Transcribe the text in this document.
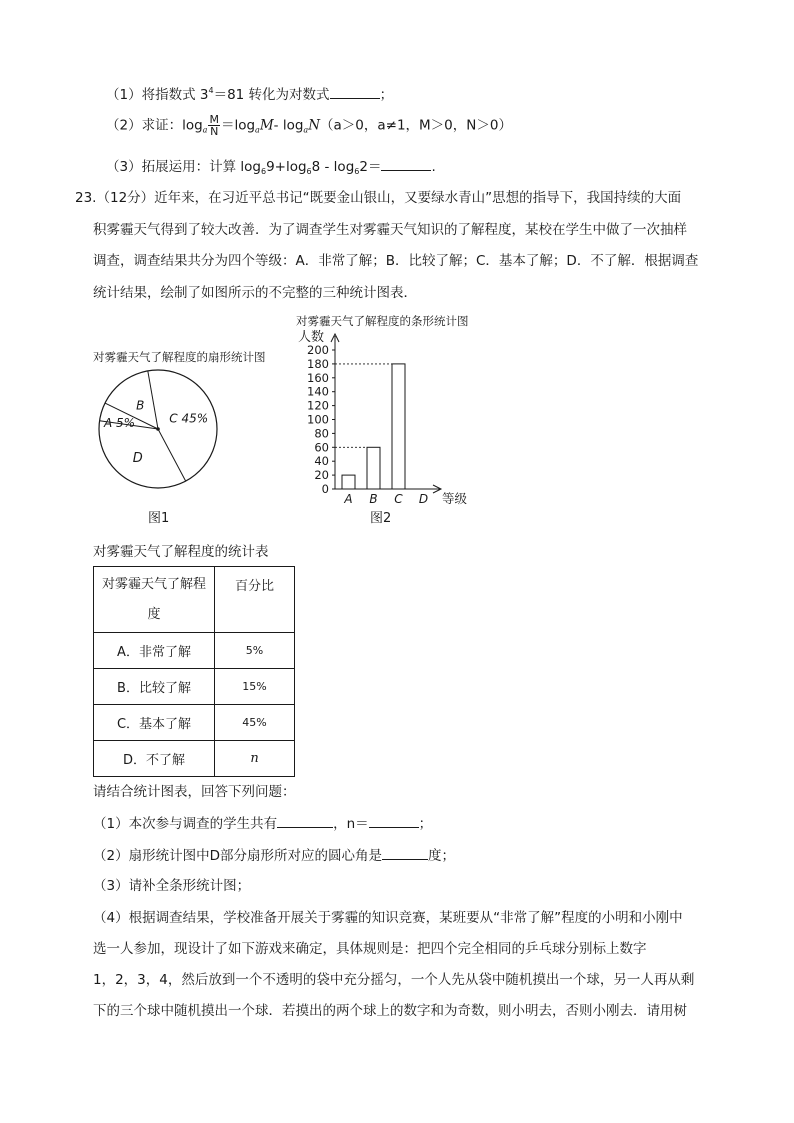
（1）将指数式 $3^4=81$ 转化为对数式	；
（2）求证：$\log_a \frac{M}{N} =\log_aM-$ $\log_aN(a>0$，a≠1，M＞0，N＞0）
（3）拓展运用：计算 $\log_69+\log_68 - \log_62=$	.
23.（12分）近年来，在习近平总书记“既要金山银山，又要绿水青山”思想的指导下，我国持续的大面
积雾霾天气得到了较大改善．为了调查学生对雾霾天气知识的了解程度，某校在学生中做了一次抽样
调查，调查结果共分为四个等级：A．非常了解；B．比较了解；C．基本了解；D．不了解．根据调查
统计结果，绘制了如图所示的不完整的三种统计图表．
对雾霾天气了解程度的扇形统计图
A 5%
B
C 45%
D
图1
对雾霾天气了解程度的条形统计图
0
20
40
60
80
100
120
140
160
180
200
人数
A B C D 等级
图2
对雾霾天气了解程度的统计表
对雾霾天气了解程
度	百分比
A．非常了解	5%
B．比较了解	15%
C．基本了解	45%
D．不了解	n
请结合统计图表，回答下列问题：
（1）本次参与调查的学生共有	，n＝	；
（2）扇形统计图中D部分扇形所对应的圆心角是	度；
（3）请补全条形统计图；
（4）根据调查结果，学校准备开展关于雾霾的知识竞赛，某班要从“非常了解”程度的小明和小刚中
选一人参加，现设计了如下游戏来确定，具体规则是：把四个完全相同的乒乓球分别标上数字
1，2，3，4，然后放到一个不透明的袋中充分摇匀，一个人先从袋中随机摸出一个球，另一人再从剩
下的三个球中随机摸出一个球．若摸出的两个球上的数字和为奇数，则小明去，否则小刚去．请用树
